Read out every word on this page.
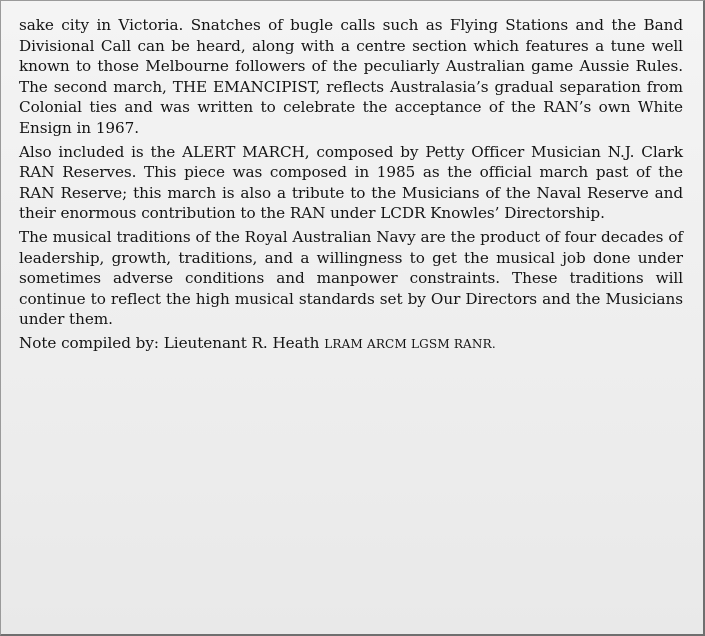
sake city in Victoria. Snatches of bugle calls such as Flying Stations and the Band Divisional Call can be heard, along with a centre section which features a tune well known to those Melbourne followers of the peculiarly Australian game Aussie Rules. The second march, THE EMANCIPIST, reflects Australasia’s gradual separation from Colonial ties and was written to celebrate the acceptance of the RAN’s own White Ensign in 1967.

Also included is the ALERT MARCH, composed by Petty Officer Musician N.J. Clark RAN Reserves. This piece was composed in 1985 as the official march past of the RAN Reserve; this march is also a tribute to the Musicians of the Naval Reserve and their enormous contribution to the RAN under LCDR Knowles’ Directorship.

The musical traditions of the Royal Australian Navy are the product of four decades of leadership, growth, traditions, and a willingness to get the musical job done under sometimes adverse conditions and manpower constraints. These traditions will continue to reflect the high musical standards set by Our Directors and the Musicians under them.

Note compiled by: Lieutenant R. Heath LRAM ARCM LGSM RANR.
